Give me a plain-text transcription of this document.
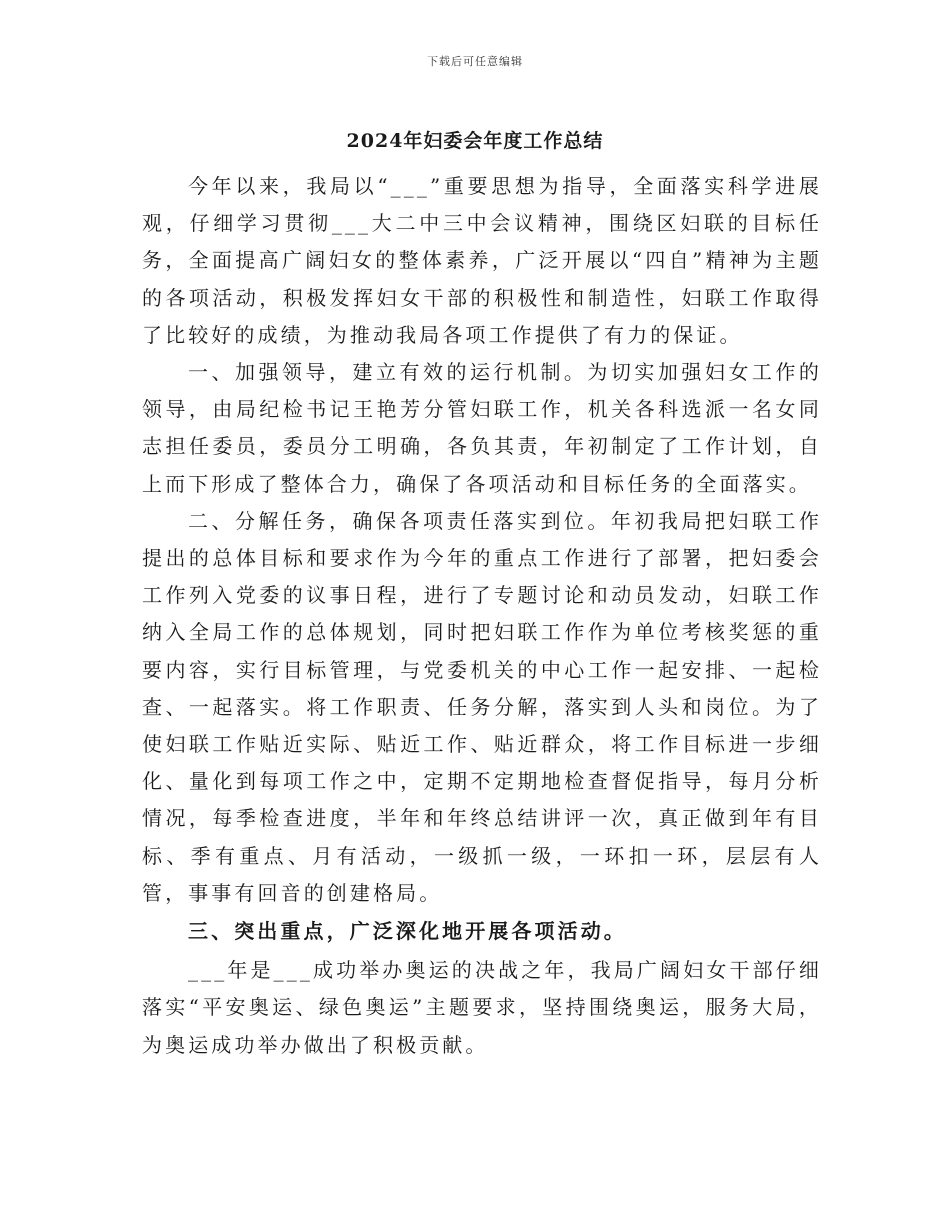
下载后可任意编辑
2024年妇委会年度工作总结

今年以来，我局以“___”重要思想为指导，全面落实科学进展观，仔细学习贯彻___大二中三中会议精神，围绕区妇联的目标任务，全面提高广阔妇女的整体素养，广泛开展以“四自”精神为主题的各项活动，积极发挥妇女干部的积极性和制造性，妇联工作取得了比较好的成绩，为推动我局各项工作提供了有力的保证。

一、加强领导，建立有效的运行机制。为切实加强妇女工作的领导，由局纪检书记王艳芳分管妇联工作，机关各科选派一名女同志担任委员，委员分工明确，各负其责，年初制定了工作计划，自上而下形成了整体合力，确保了各项活动和目标任务的全面落实。

二、分解任务，确保各项责任落实到位。年初我局把妇联工作提出的总体目标和要求作为今年的重点工作进行了部署，把妇委会工作列入党委的议事日程，进行了专题讨论和动员发动，妇联工作纳入全局工作的总体规划，同时把妇联工作作为单位考核奖惩的重要内容，实行目标管理，与党委机关的中心工作一起安排、一起检查、一起落实。将工作职责、任务分解，落实到人头和岗位。为了使妇联工作贴近实际、贴近工作、贴近群众，将工作目标进一步细化、量化到每项工作之中，定期不定期地检查督促指导，每月分析情况，每季检查进度，半年和年终总结讲评一次，真正做到年有目标、季有重点、月有活动，一级抓一级，一环扣一环，层层有人管，事事有回音的创建格局。

三、突出重点，广泛深化地开展各项活动。

___年是___成功举办奥运的决战之年，我局广阔妇女干部仔细落实“平安奥运、绿色奥运”主题要求，坚持围绕奥运，服务大局，为奥运成功举办做出了积极贡献。
